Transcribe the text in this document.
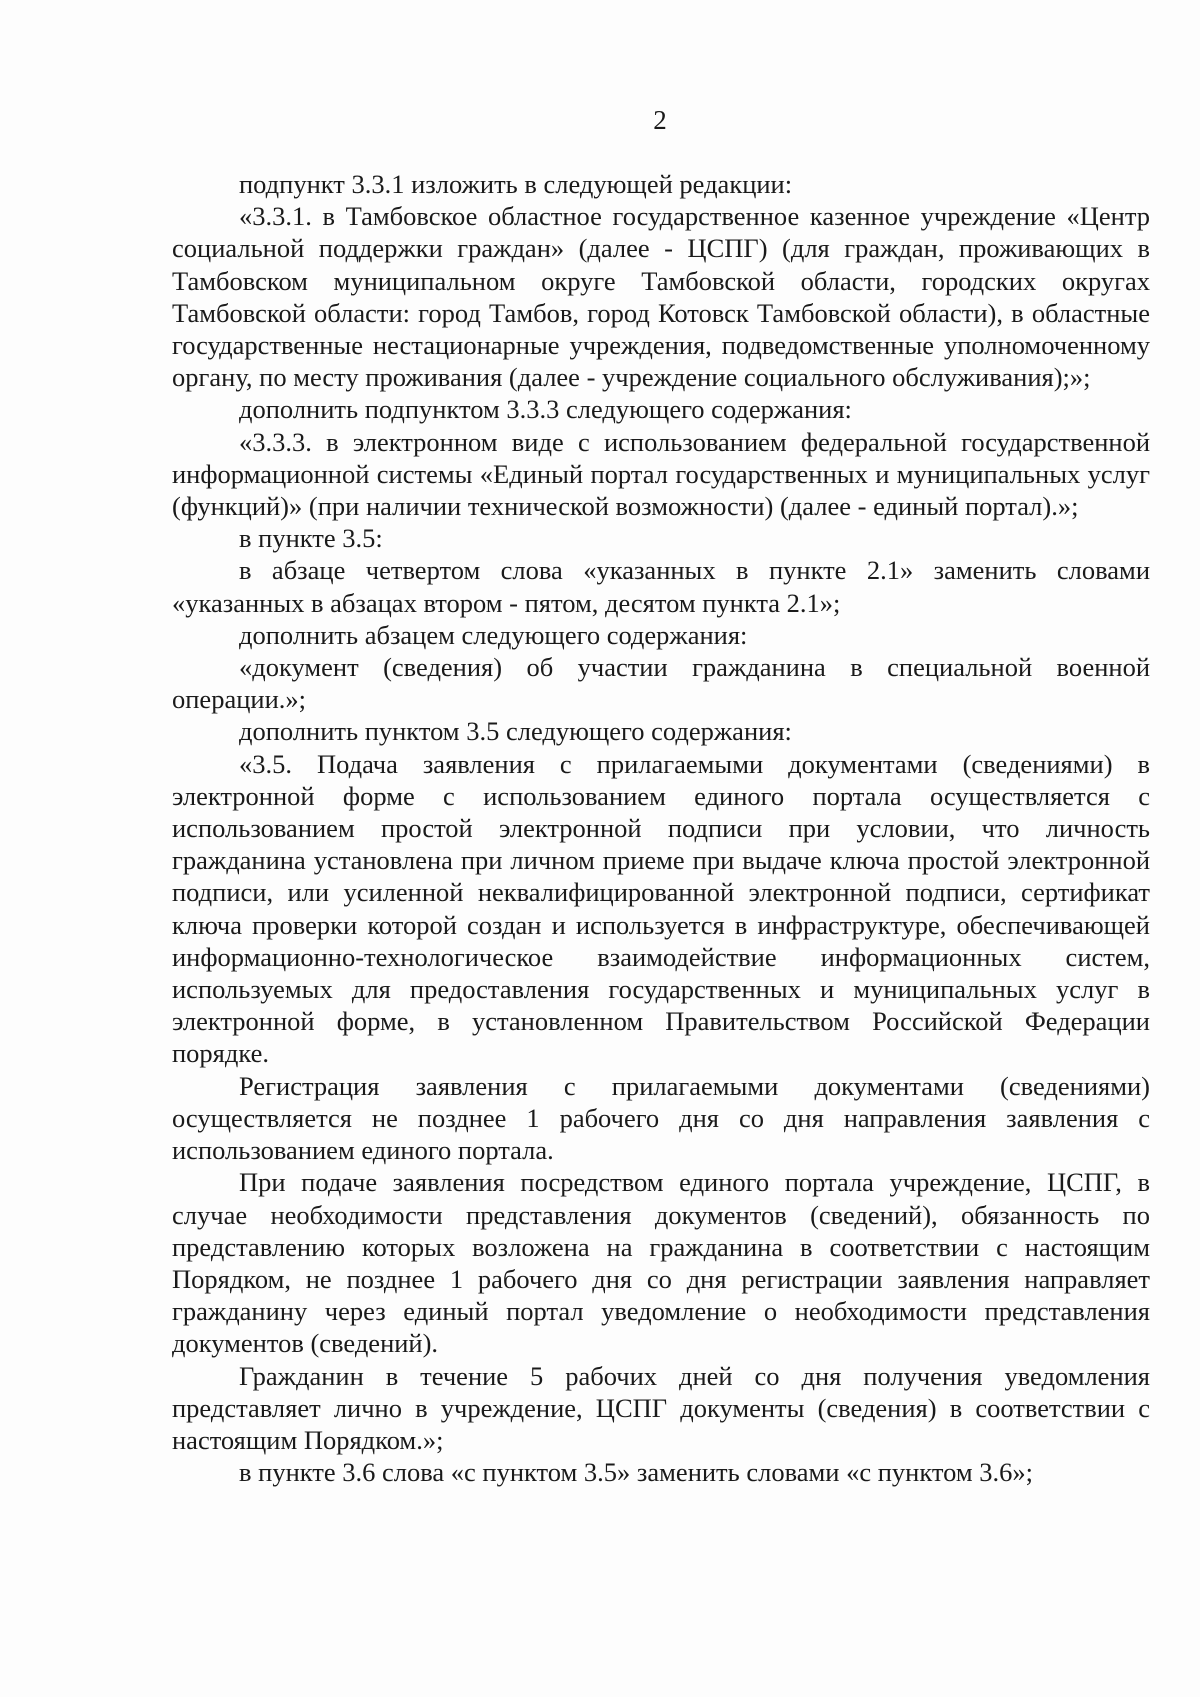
2

подпункт 3.3.1 изложить в следующей редакции:

«3.3.1. в Тамбовское областное государственное казенное учреждение «Центр социальной поддержки граждан» (далее - ЦСПГ) (для граждан, проживающих в Тамбовском муниципальном округе Тамбовской области, городских округах Тамбовской области: город Тамбов, город Котовск Тамбовской области), в областные государственные нестационарные учреждения, подведомственные уполномоченному органу, по месту проживания (далее - учреждение социального обслуживания);»;

дополнить подпунктом 3.3.3 следующего содержания:

«3.3.3. в электронном виде с использованием федеральной государственной информационной системы «Единый портал государственных и муниципальных услуг (функций)» (при наличии технической возможности) (далее - единый портал).»;

в пункте 3.5:

в абзаце четвертом слова «указанных в пункте 2.1» заменить словами «указанных в абзацах втором - пятом, десятом пункта 2.1»;

дополнить абзацем следующего содержания:

«документ (сведения) об участии гражданина в специальной военной операции.»;

дополнить пунктом 3.5 следующего содержания:

«3.5. Подача заявления с прилагаемыми документами (сведениями) в электронной форме с использованием единого портала осуществляется с использованием простой электронной подписи при условии, что личность гражданина установлена при личном приеме при выдаче ключа простой электронной подписи, или усиленной неквалифицированной электронной подписи, сертификат ключа проверки которой создан и используется в инфраструктуре, обеспечивающей информационно-технологическое взаимодействие информационных систем, используемых для предоставления государственных и муниципальных услуг в электронной форме, в установленном Правительством Российской Федерации порядке.

Регистрация заявления с прилагаемыми документами (сведениями) осуществляется не позднее 1 рабочего дня со дня направления заявления с использованием единого портала.

При подаче заявления посредством единого портала учреждение, ЦСПГ, в случае необходимости представления документов (сведений), обязанность по представлению которых возложена на гражданина в соответствии с настоящим Порядком, не позднее 1 рабочего дня со дня регистрации заявления направляет гражданину через единый портал уведомление о необходимости представления документов (сведений).

Гражданин в течение 5 рабочих дней со дня получения уведомления представляет лично в учреждение, ЦСПГ документы (сведения) в соответствии с настоящим Порядком.»;

в пункте 3.6 слова «с пунктом 3.5» заменить словами «с пунктом 3.6»;
